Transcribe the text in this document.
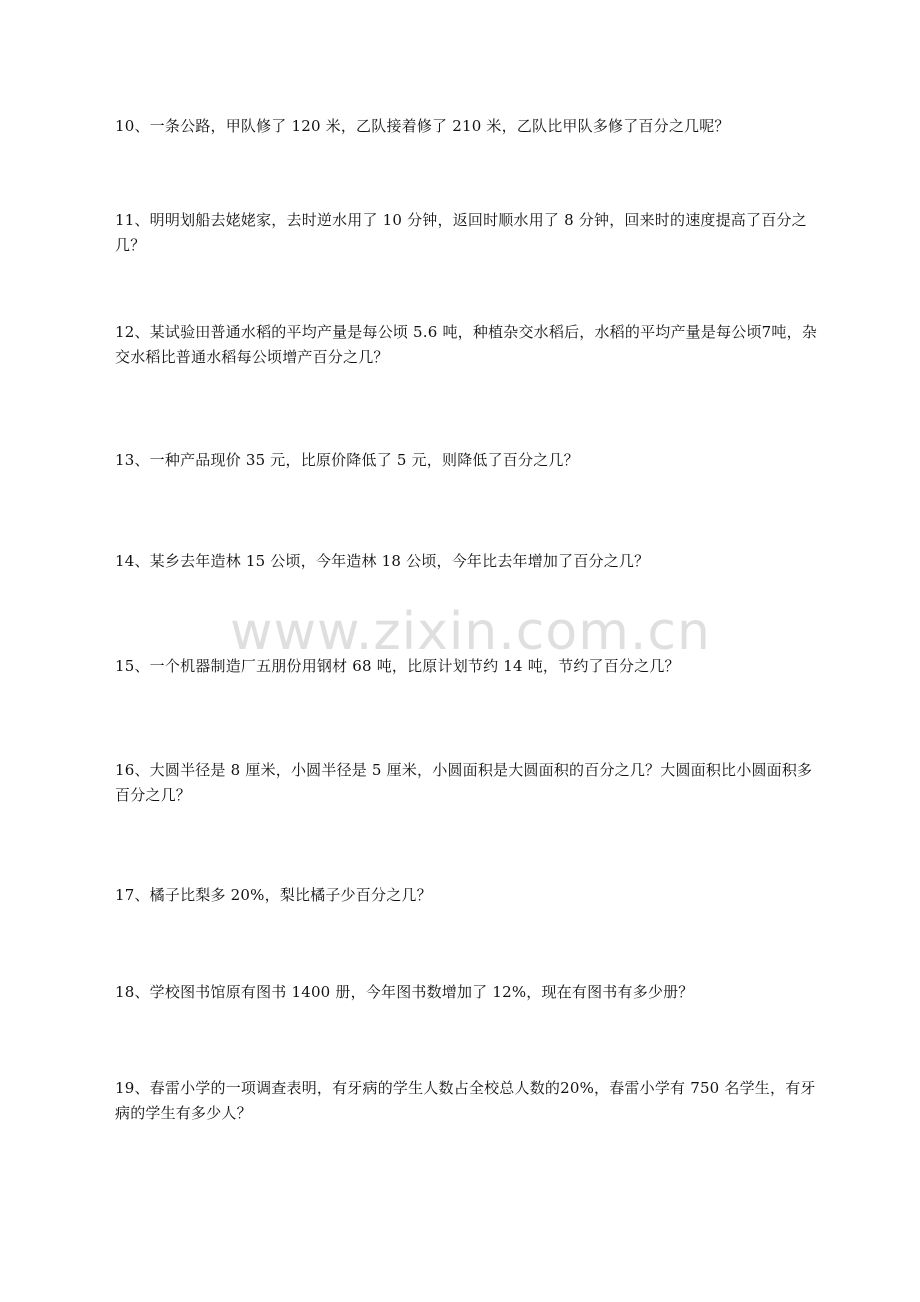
10、一条公路，甲队修了 120 米，乙队接着修了 210 米，乙队比甲队多修了百分之几呢？
11、明明划船去姥姥家，去时逆水用了 10 分钟，返回时顺水用了 8 分钟，回来时的速度提高了百分之几？
12、某试验田普通水稻的平均产量是每公顷 5.6 吨，种植杂交水稻后，水稻的平均产量是每公顷7吨，杂交水稻比普通水稻每公顷增产百分之几？
13、一种产品现价 35 元，比原价降低了 5 元，则降低了百分之几？
14、某乡去年造林 15 公顷，今年造林 18 公顷，今年比去年增加了百分之几？
15、一个机器制造厂五朋份用钢材 68 吨，比原计划节约 14 吨，节约了百分之几？
16、大圆半径是 8 厘米，小圆半径是 5 厘米，小圆面积是大圆面积的百分之几？大圆面积比小圆面积多百分之几？
17、橘子比梨多 20%，梨比橘子少百分之几？
18、学校图书馆原有图书 1400 册，今年图书数增加了 12%，现在有图书有多少册？
19、春雷小学的一项调查表明，有牙病的学生人数占全校总人数的20%，春雷小学有 750 名学生，有牙病的学生有多少人？
www.zixin.com.cn
